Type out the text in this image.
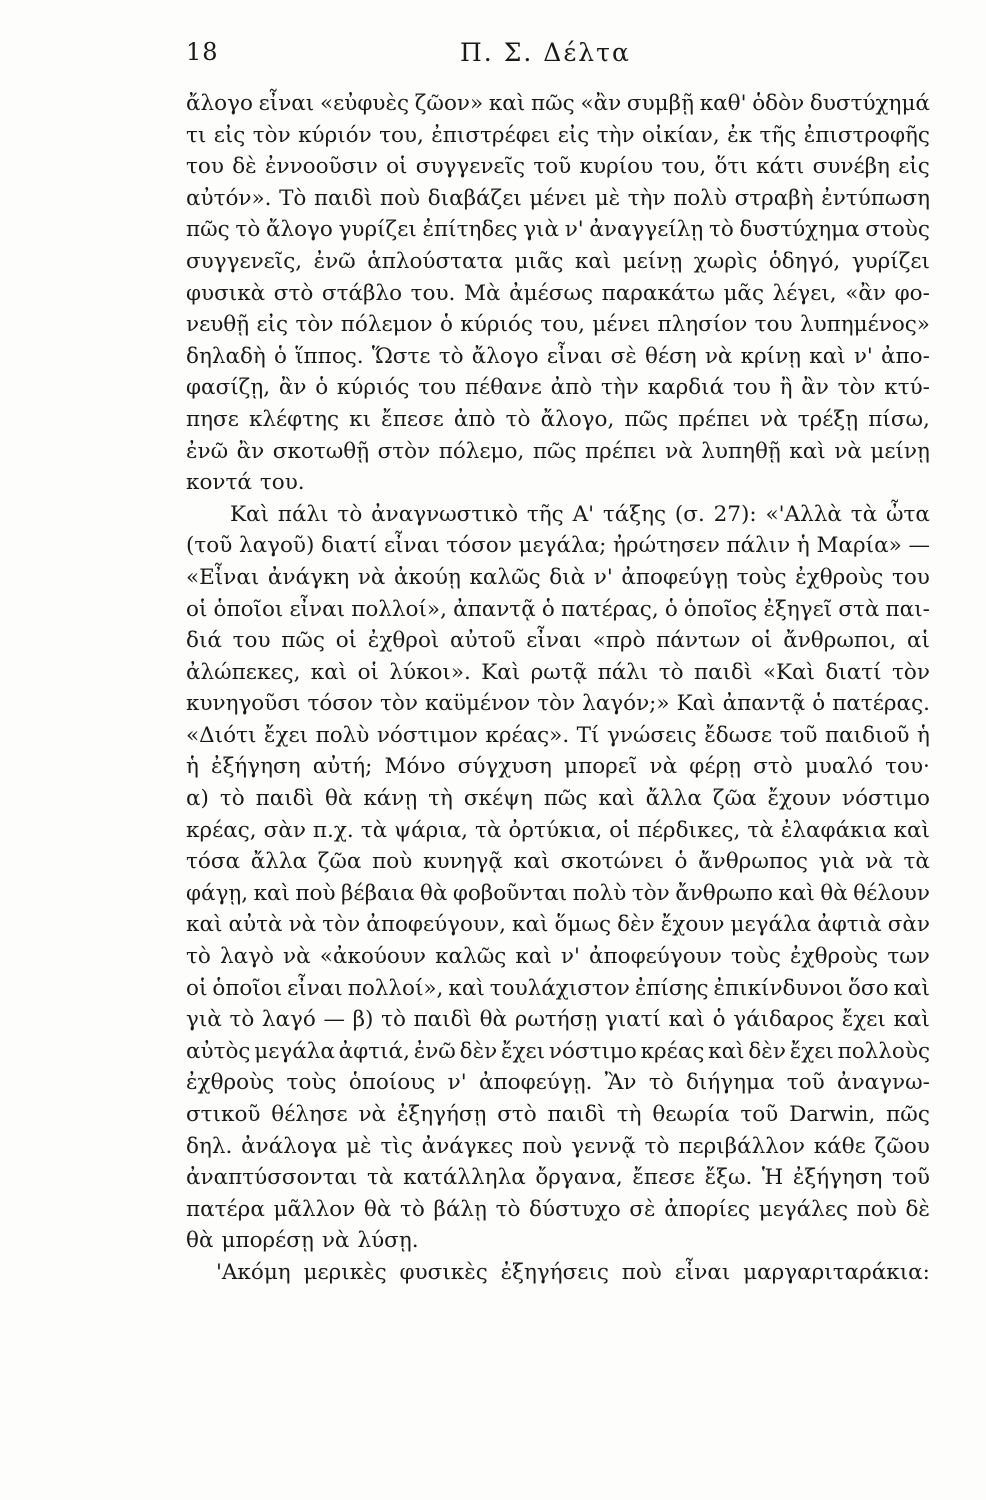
18	Π. Σ. Δέλτα
ἄλογο εἶναι «εὐφυὲς ζῶον» καὶ πῶς «ἂν συμβῇ καθ' ὁδὸν δυστύχημά
τι εἰς τὸν κύριόν του, ἐπιστρέφει εἰς τὴν οἰκίαν, ἐκ τῆς ἐπιστροφῆς
του δὲ ἐννοοῦσιν οἱ συγγενεῖς τοῦ κυρίου του, ὅτι κάτι συνέβη εἰς
αὐτόν». Τὸ παιδὶ ποὺ διαβάζει μένει μὲ τὴν πολὺ στραβὴ ἐντύπωση
πῶς τὸ ἄλογο γυρίζει ἐπίτηδες γιὰ ν' ἀναγγείλῃ τὸ δυστύχημα στοὺς
συγγενεῖς, ἐνῶ ἁπλούστατα μιᾶς καὶ μείνῃ χωρὶς ὁδηγό, γυρίζει
φυσικὰ στὸ στάβλο του. Μὰ ἀμέσως παρακάτω μᾶς λέγει, «ἂν φο-
νευθῇ εἰς τὸν πόλεμον ὁ κύριός του, μένει πλησίον του λυπημένος»
δηλαδὴ ὁ ἵππος. Ὥστε τὸ ἄλογο εἶναι σὲ θέση νὰ κρίνῃ καὶ ν' ἀπο-
φασίζῃ, ἂν ὁ κύριός του πέθανε ἀπὸ τὴν καρδιά του ἢ ἂν τὸν κτύ-
πησε κλέφτης κι ἔπεσε ἀπὸ τὸ ἄλογο, πῶς πρέπει νὰ τρέξῃ πίσω,
ἐνῶ ἂν σκοτωθῇ στὸν πόλεμο, πῶς πρέπει νὰ λυπηθῇ καὶ νὰ μείνῃ
κοντά του.
Καὶ πάλι τὸ ἀναγνωστικὸ τῆς Α' τάξης (σ. 27): «'Αλλὰ τὰ ὦτα
(τοῦ λαγοῦ) διατί εἶναι τόσον μεγάλα; ἠρώτησεν πάλιν ἡ Μαρία» —
«Εἶναι ἀνάγκη νὰ ἀκούῃ καλῶς διὰ ν' ἀποφεύγῃ τοὺς ἐχθροὺς του
οἱ ὁποῖοι εἶναι πολλοί», ἀπαντᾷ ὁ πατέρας, ὁ ὁποῖος ἐξηγεῖ στὰ παι-
διά του πῶς οἱ ἐχθροὶ αὐτοῦ εἶναι «πρὸ πάντων οἱ ἄνθρωποι, αἱ
ἀλώπεκες, καὶ οἱ λύκοι». Καὶ ρωτᾷ πάλι τὸ παιδὶ «Καὶ διατί τὸν
κυνηγοῦσι τόσον τὸν καϋμένον τὸν λαγόν;» Καὶ ἀπαντᾷ ὁ πατέρας.
«Διότι ἔχει πολὺ νόστιμον κρέας». Τί γνώσεις ἔδωσε τοῦ παιδιοῦ ἡ
ἡ ἐξήγηση αὐτή; Μόνο σύγχυση μπορεῖ νὰ φέρῃ στὸ μυαλό του·
α) τὸ παιδὶ θὰ κάνῃ τὴ σκέψη πῶς καὶ ἄλλα ζῶα ἔχουν νόστιμο
κρέας, σὰν π.χ. τὰ ψάρια, τὰ ὀρτύκια, οἱ πέρδικες, τὰ ἐλαφάκια καὶ
τόσα ἄλλα ζῶα ποὺ κυνηγᾷ καὶ σκοτώνει ὁ ἄνθρωπος γιὰ νὰ τὰ
φάγῃ, καὶ ποὺ βέβαια θὰ φοβοῦνται πολὺ τὸν ἄνθρωπο καὶ θὰ θέλουν
καὶ αὐτὰ νὰ τὸν ἀποφεύγουν, καὶ ὅμως δὲν ἔχουν μεγάλα ἀφτιὰ σὰν
τὸ λαγὸ νὰ «ἀκούουν καλῶς καὶ ν' ἀποφεύγουν τοὺς ἐχθροὺς των
οἱ ὁποῖοι εἶναι πολλοί», καὶ τουλάχιστον ἐπίσης ἐπικίνδυνοι ὅσο καὶ
γιὰ τὸ λαγό — β) τὸ παιδὶ θὰ ρωτήσῃ γιατί καὶ ὁ γάιδαρος ἔχει καὶ
αὐτὸς μεγάλα ἀφτιά, ἐνῶ δὲν ἔχει νόστιμο κρέας καὶ δὲν ἔχει πολλοὺς
ἐχθροὺς τοὺς ὁποίους ν' ἀποφεύγῃ. Ἂν τὸ διήγημα τοῦ ἀναγνω-
στικοῦ θέλησε νὰ ἐξηγήσῃ στὸ παιδὶ τὴ θεωρία τοῦ Darwin, πῶς
δηλ. ἀνάλογα μὲ τὶς ἀνάγκες ποὺ γεννᾷ τὸ περιβάλλον κάθε ζῶου
ἀναπτύσσονται τὰ κατάλληλα ὄργανα, ἔπεσε ἔξω. Ἡ ἐξήγηση τοῦ
πατέρα μᾶλλον θὰ τὸ βάλῃ τὸ δύστυχο σὲ ἀπορίες μεγάλες ποὺ δὲ
θὰ μπορέσῃ νὰ λύσῃ.
'Ακόμη μερικὲς φυσικὲς ἐξηγήσεις ποὺ εἶναι μαργαριταράκια:
